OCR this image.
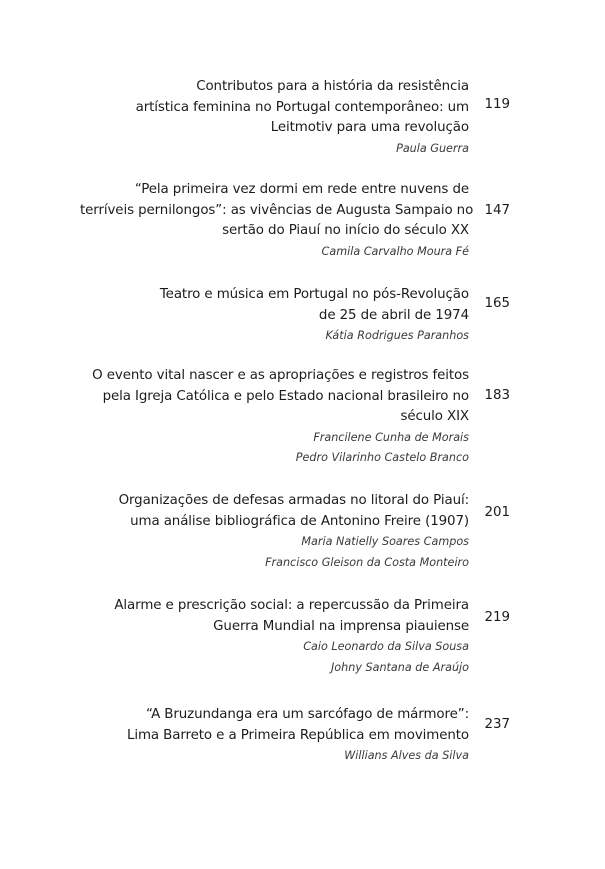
Contributos para a história da resistência
artística feminina no Portugal contemporâneo: um
Leitmotiv para uma revolução
Paula Guerra
119
“Pela primeira vez dormi em rede entre nuvens de
terríveis pernilongos”: as vivências de Augusta Sampaio no
sertão do Piauí no início do século XX
Camila Carvalho Moura Fé
147
Teatro e música em Portugal no pós-Revolução
de 25 de abril de 1974
Kátia Rodrigues Paranhos
165
O evento vital nascer e as apropriações e registros feitos
pela Igreja Católica e pelo Estado nacional brasileiro no
século XIX
Francilene Cunha de Morais
Pedro Vilarinho Castelo Branco
183
Organizações de defesas armadas no litoral do Piauí:
uma análise bibliográfica de Antonino Freire (1907)
Maria Natielly Soares Campos
Francisco Gleison da Costa Monteiro
201
Alarme e prescrição social: a repercussão da Primeira
Guerra Mundial na imprensa piauiense
Caio Leonardo da Silva Sousa
Johny Santana de Araújo
219
“A Bruzundanga era um sarcófago de mármore”:
Lima Barreto e a Primeira República em movimento
Willians Alves da Silva
237
